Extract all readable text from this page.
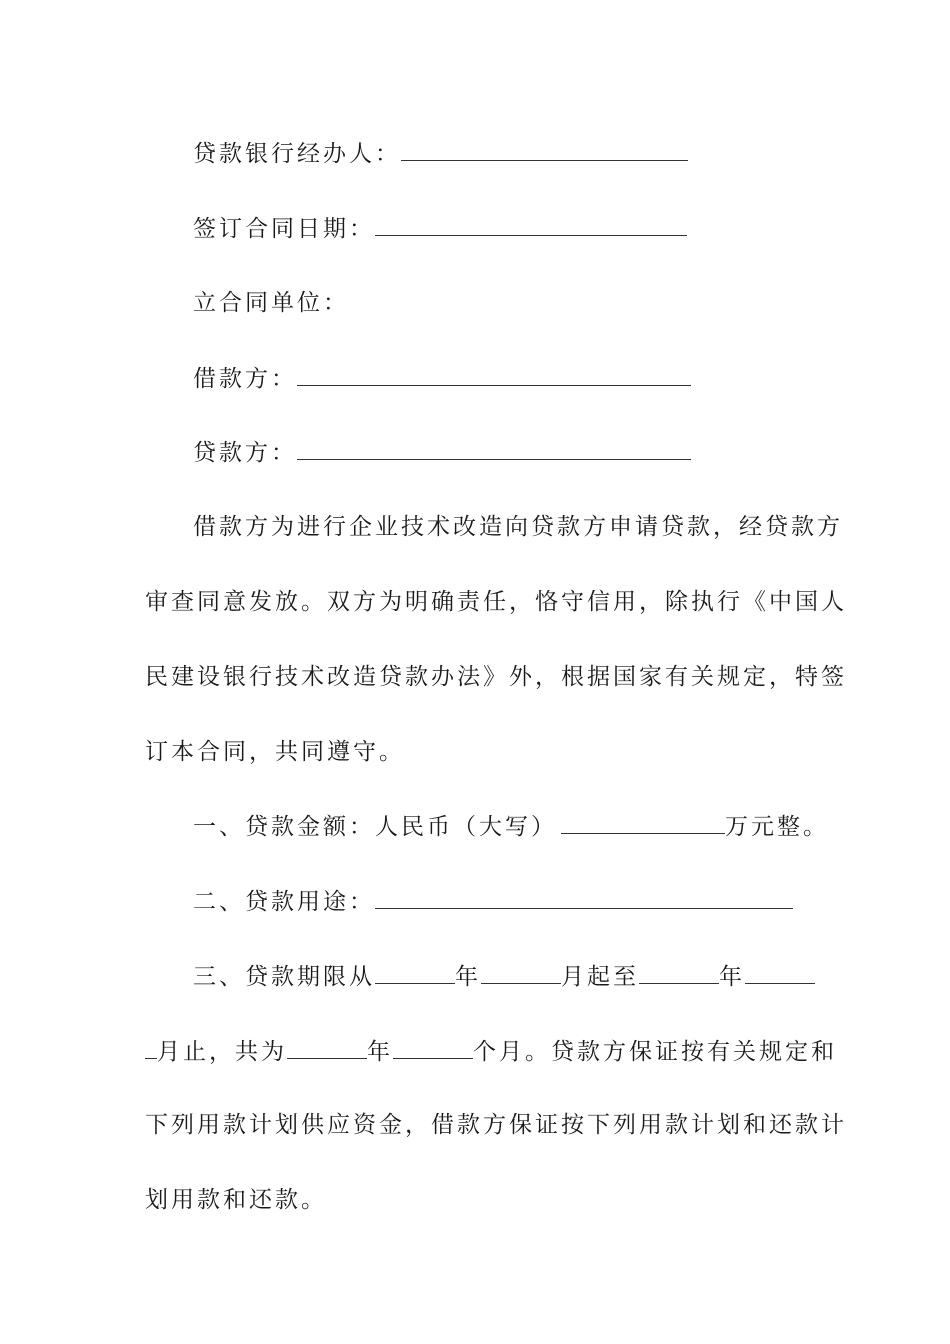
贷款银行经办人：
签订合同日期：
立合同单位：
借款方：
贷款方：
借款方为进行企业技术改造向贷款方申请贷款，经贷款方
审查同意发放。双方为明确责任，恪守信用，除执行《中国人
民建设银行技术改造贷款办法》外，根据国家有关规定，特签
订本合同，共同遵守。
一、贷款金额：人民币（大写）	万元整。
二、贷款用途：
三、贷款期限从	年	月起至	年
月止，共为	年	个月。贷款方保证按有关规定和
下列用款计划供应资金，借款方保证按下列用款计划和还款计
划用款和还款。
